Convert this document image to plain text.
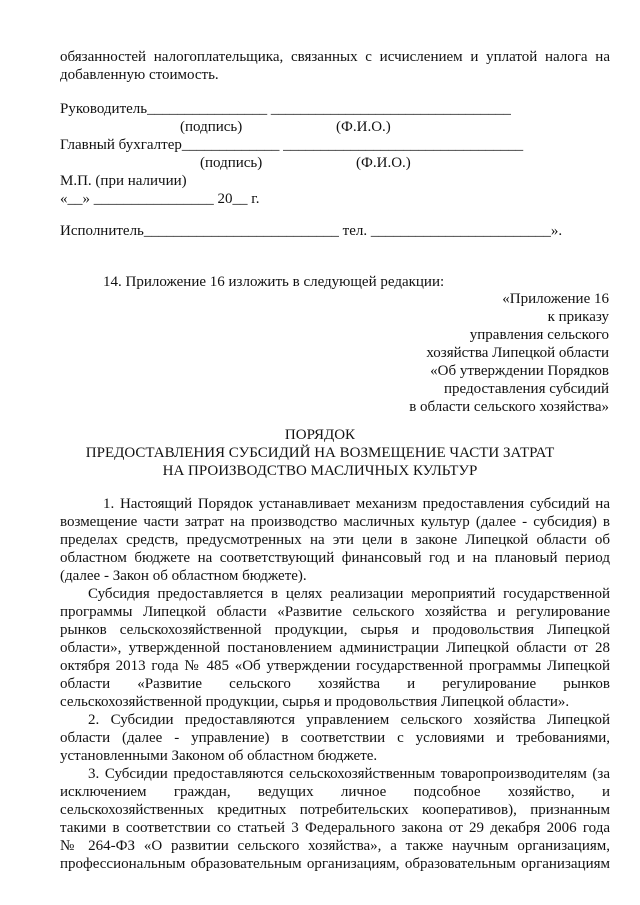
обязанностей налогоплательщика, связанных с исчислением и уплатой налога на
добавленную стоимость.
Руководитель________________ ________________________________
(подпись)                         (Ф.И.О.)
Главный бухгалтер_____________ ________________________________
(подпись)                         (Ф.И.О.)
М.П. (при наличии)
«__» ________________ 20__ г.
Исполнитель__________________________ тел. ________________________».
14. Приложение 16 изложить в следующей редакции:
«Приложение 16
к приказу
управления сельского
хозяйства Липецкой области
«Об утверждении Порядков
предоставления субсидий
в области сельского хозяйства»
ПОРЯДОК
ПРЕДОСТАВЛЕНИЯ СУБСИДИЙ НА ВОЗМЕЩЕНИЕ ЧАСТИ ЗАТРАТ
НА ПРОИЗВОДСТВО МАСЛИЧНЫХ КУЛЬТУР
1. Настоящий Порядок устанавливает механизм предоставления субсидий на
возмещение части затрат на производство масличных культур (далее - субсидия) в
пределах средств, предусмотренных на эти цели в законе Липецкой области об
областном бюджете на соответствующий финансовый год и на плановый период
(далее - Закон об областном бюджете).
Субсидия предоставляется в целях реализации мероприятий государственной
программы Липецкой области «Развитие сельского хозяйства и регулирование
рынков сельскохозяйственной продукции, сырья и продовольствия Липецкой
области», утвержденной постановлением администрации Липецкой области от 28
октября 2013 года № 485 «Об утверждении государственной программы Липецкой
области «Развитие сельского хозяйства и регулирование рынков
сельскохозяйственной продукции, сырья и продовольствия Липецкой области».
2. Субсидии предоставляются управлением сельского хозяйства Липецкой
области (далее - управление) в соответствии с условиями и требованиями,
установленными Законом об областном бюджете.
3. Субсидии предоставляются сельскохозяйственным товаропроизводителям (за
исключением граждан, ведущих личное подсобное хозяйство, и
сельскохозяйственных кредитных потребительских кооперативов), признанным
такими в соответствии со статьей 3 Федерального закона от 29 декабря 2006 года
№ 264-ФЗ «О развитии сельского хозяйства», а также научным организациям,
профессиональным образовательным организациям, образовательным организациям
